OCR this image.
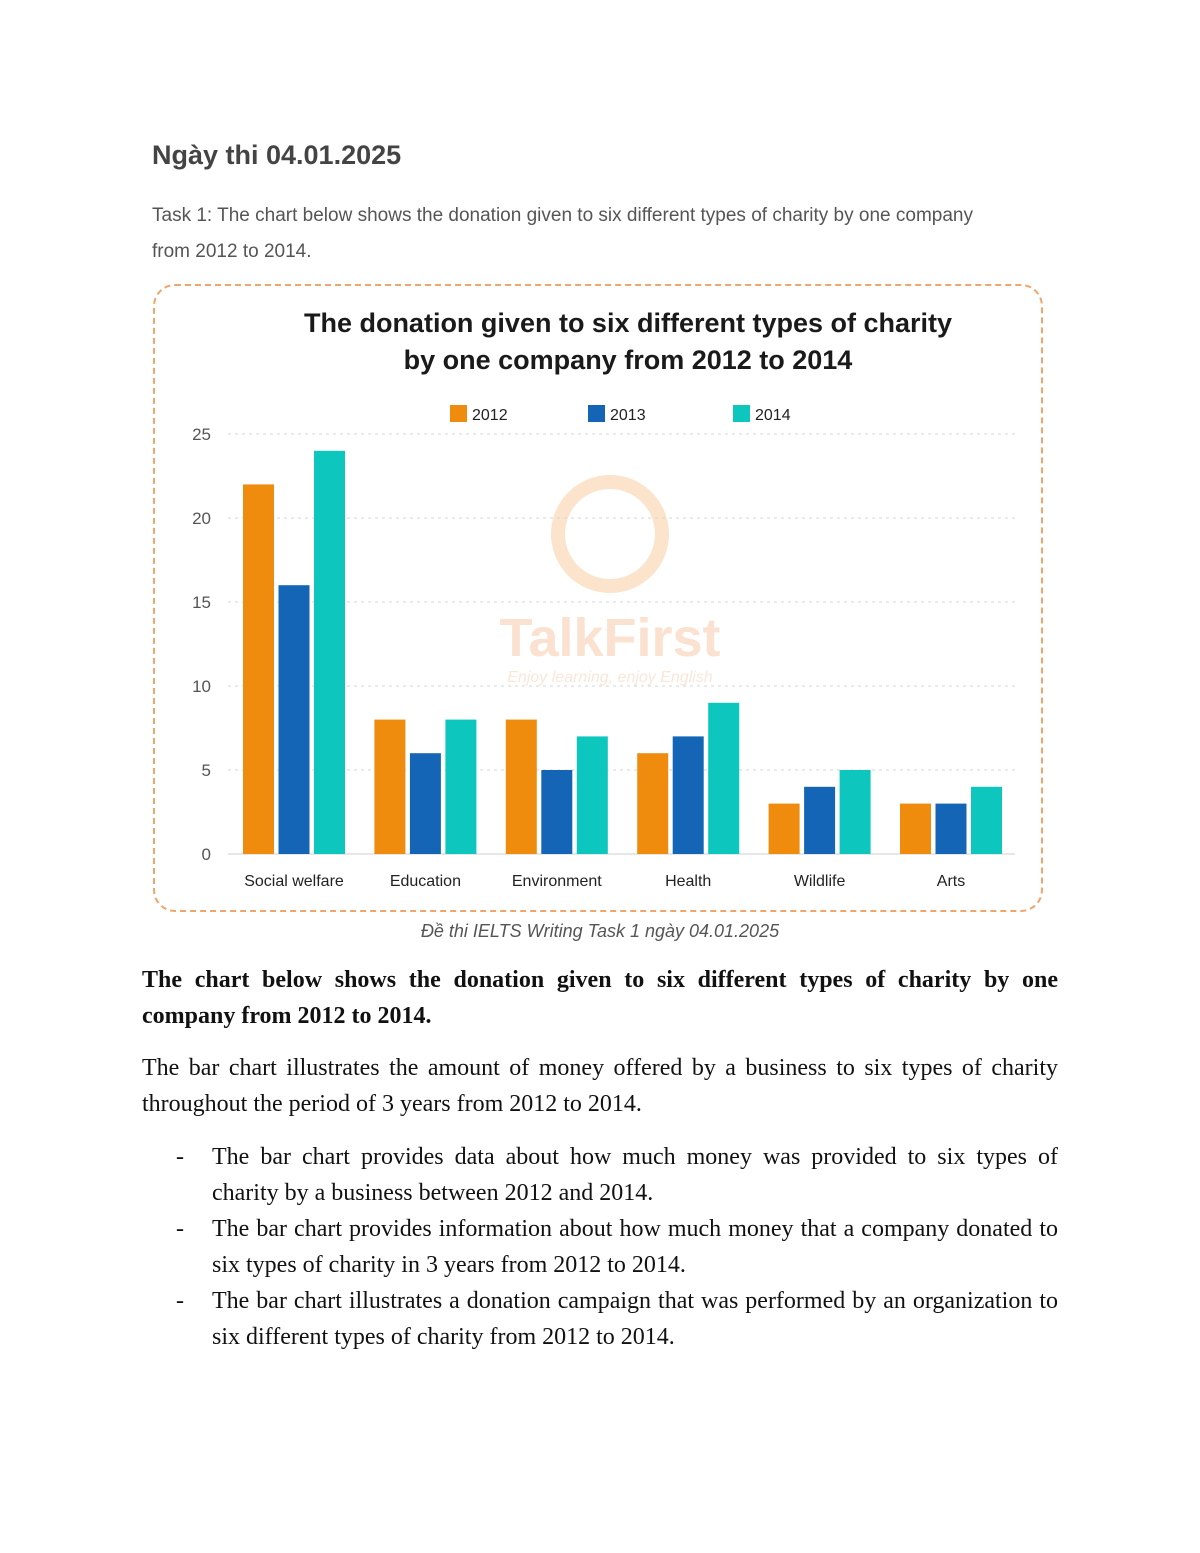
Ngày thi 04.01.2025

Task 1: The chart below shows the donation given to six different types of charity by one company from 2012 to 2014.

TalkFirst
Enjoy learning, enjoy English
The donation given to six different types of charity
by one company from 2012 to 2014
2012	2013	2014
0
5
10
15
20
25
Social welfare	Education	Environment	Health	Wildlife	Arts

Đề thi IELTS Writing Task 1 ngày 04.01.2025

The chart below shows the donation given to six different types of charity by one company from 2012 to 2014.

The bar chart illustrates the amount of money offered by a business to six types of charity throughout the period of 3 years from 2012 to 2014.

- The bar chart provides data about how much money was provided to six types of charity by a business between 2012 and 2014.
- The bar chart provides information about how much money that a company donated to six types of charity in 3 years from 2012 to 2014.
- The bar chart illustrates a donation campaign that was performed by an organization to six different types of charity from 2012 to 2014.
